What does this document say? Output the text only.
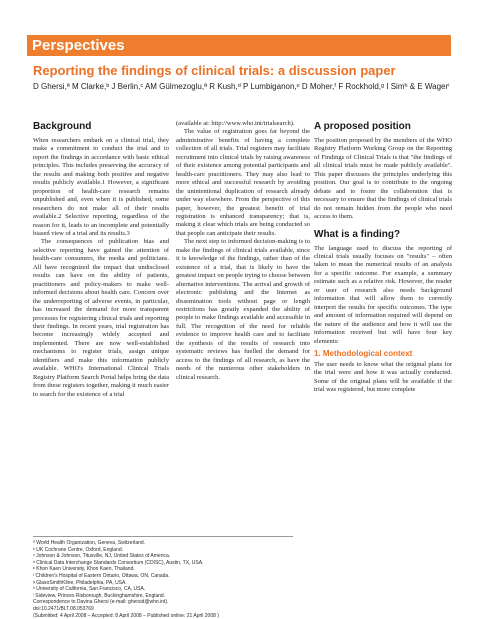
Perspectives
Reporting the findings of clinical trials: a discussion paper
D Ghersi,ª M Clarke,ᵇ J Berlin,ᶜ AM Gülmezoglu,ª R Kush,ᵈ P Lumbiganon,ᵉ D Moher,ᶠ F Rockhold,ᵍ I Simʰ & E Wagerⁱ
Background

When researchers embark on a clinical trial, they make a commitment to conduct the trial and to report the findings in accordance with basic ethical principles. This includes preserving the accuracy of the results and making both positive and negative results publicly available.1 However, a significant proportion of health-care research remains unpublished and, even when it is published, some researchers do not make all of their results available.2 Selective reporting, regardless of the reason for it, leads to an incomplete and potentially biased view of a trial and its results.3

The consequences of publication bias and selective reporting have gained the attention of health-care consumers, the media and politicians. All have recognized the impact that undisclosed results can have on the ability of patients, practitioners and policy-makers to make well-informed decisions about health care. Concern over the underreporting of adverse events, in particular, has increased the demand for more transparent processes for registering clinical trials and reporting their findings. In recent years, trial registration has become increasingly widely accepted and implemented. There are now well-established mechanisms to register trials, assign unique identifiers and make this information publicly available. WHO's International Clinical Trials Registry Platform Search Portal helps bring the data from these registers together, making it much easier to search for the existence of a trial

(available at: http://www.who.int/trialsearch).

The value of registration goes far beyond the administrative benefits of having a complete collection of all trials. Trial registers may facilitate recruitment into clinical trials by raising awareness of their existence among potential participants and health-care practitioners. They may also lead to more ethical and successful research by avoiding the unintentional duplication of research already under way elsewhere. From the perspective of this paper, however, the greatest benefit of trial registration is enhanced transparency; that is, making it clear which trials are being conducted so that people can anticipate their results.

The next step to informed decision-making is to make the findings of clinical trials available, since it is knowledge of the findings, rather than of the existence of a trial, that is likely to have the greatest impact on people trying to choose between alternative interventions. The arrival and growth of electronic publishing and the Internet as dissemination tools without page or length restrictions has greatly expanded the ability of people to make findings available and accessible in full. The recognition of the need for reliable evidence to improve health care and to facilitate the synthesis of the results of research into systematic reviews has fuelled the demand for access to the findings of all research, as have the needs of the numerous other stakeholders in clinical research.

A proposed position

The position proposed by the members of the WHO Registry Platform Working Group on the Reporting of Findings of Clinical Trials is that "the findings of all clinical trials must be made publicly available". This paper discusses the principles underlying this position. Our goal is to contribute to the ongoing debate and to foster the collaboration that is necessary to ensure that the findings of clinical trials do not remain hidden from the people who need access to them.

What is a finding?

The language used to discuss the reporting of clinical trials usually focuses on "results" – often taken to mean the numerical results of an analysis for a specific outcome. For example, a summary estimate such as a relative risk. However, the reader or user of research also needs background information that will allow them to correctly interpret the results for specific outcomes. The type and amount of information required will depend on the nature of the audience and how it will use the information received but will have four key elements:

1. Methodological context

The user needs to know what the original plans for the trial were and how it was actually conducted. Some of the original plans will be available if the trial was registered, but more complete

ª World Health Organization, Geneva, Switzerland.
ᵇ UK Cochrane Centre, Oxford, England.
ᶜ Johnson & Johnson, Titusville, NJ, United States of America.
ᵈ Clinical Data Interchange Standards Consortium (CDISC), Austin, TX, USA.
ᵉ Khon Kaen University, Khon Kaen, Thailand.
ᶠ Children's Hospital of Eastern Ontario, Ottawa, ON, Canada.
ᵍ GlaxoSmithKline, Philadelphia, PA, USA.
ʰ University of California, San Francisco, CA, USA.
ⁱ Sideview, Princes Risborough, Buckinghamshire, England.
Correspondence to Davina Ghersi (e-mail: ghersid@who.int).
doi:10.2471/BLT.08.053769
(Submitted: 4 April 2008 – Accepted: 8 April 2008 – Published online: 21 April 2008 )
